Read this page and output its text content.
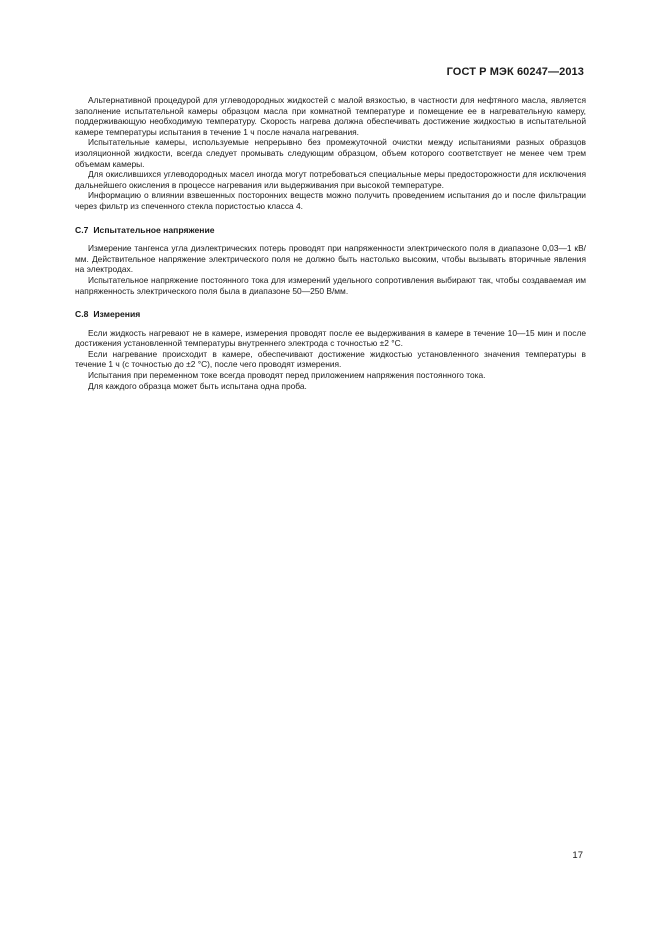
ГОСТ Р МЭК 60247—2013

Альтернативной процедурой для углеводородных жидкостей с малой вязкостью, в частности для нефтяного масла, является заполнение испытательной камеры образцом масла при комнатной температуре и помещение ее в нагревательную камеру, поддерживающую необходимую температуру. Скорость нагрева должна обеспечивать достижение жидкостью в испытательной камере температуры испытания в течение 1 ч после начала нагревания.

Испытательные камеры, используемые непрерывно без промежуточной очистки между испытаниями разных образцов изоляционной жидкости, всегда следует промывать следующим образцом, объем которого соответствует не менее чем трем объемам камеры.

Для окислившихся углеводородных масел иногда могут потребоваться специальные меры предосторожности для исключения дальнейшего окисления в процессе нагревания или выдерживания при высокой температуре.

Информацию о влиянии взвешенных посторонних веществ можно получить проведением испытания до и после фильтрации через фильтр из спеченного стекла пористостью класса 4.

С.7 Испытательное напряжение

Измерение тангенса угла диэлектрических потерь проводят при напряженности электрического поля в диапазоне 0,03—1 кВ/мм. Действительное напряжение электрического поля не должно быть настолько высоким, чтобы вызывать вторичные явления на электродах.

Испытательное напряжение постоянного тока для измерений удельного сопротивления выбирают так, чтобы создаваемая им напряженность электрического поля была в диапазоне 50—250 В/мм.

С.8 Измерения

Если жидкость нагревают не в камере, измерения проводят после ее выдерживания в камере в течение 10—15 мин и после достижения установленной температуры внутреннего электрода с точностью ±2 °С.

Если нагревание происходит в камере, обеспечивают достижение жидкостью установленного значения температуры в течение 1 ч (с точностью до ±2 °С), после чего проводят измерения.

Испытания при переменном токе всегда проводят перед приложением напряжения постоянного тока.

Для каждого образца может быть испытана одна проба.

17
